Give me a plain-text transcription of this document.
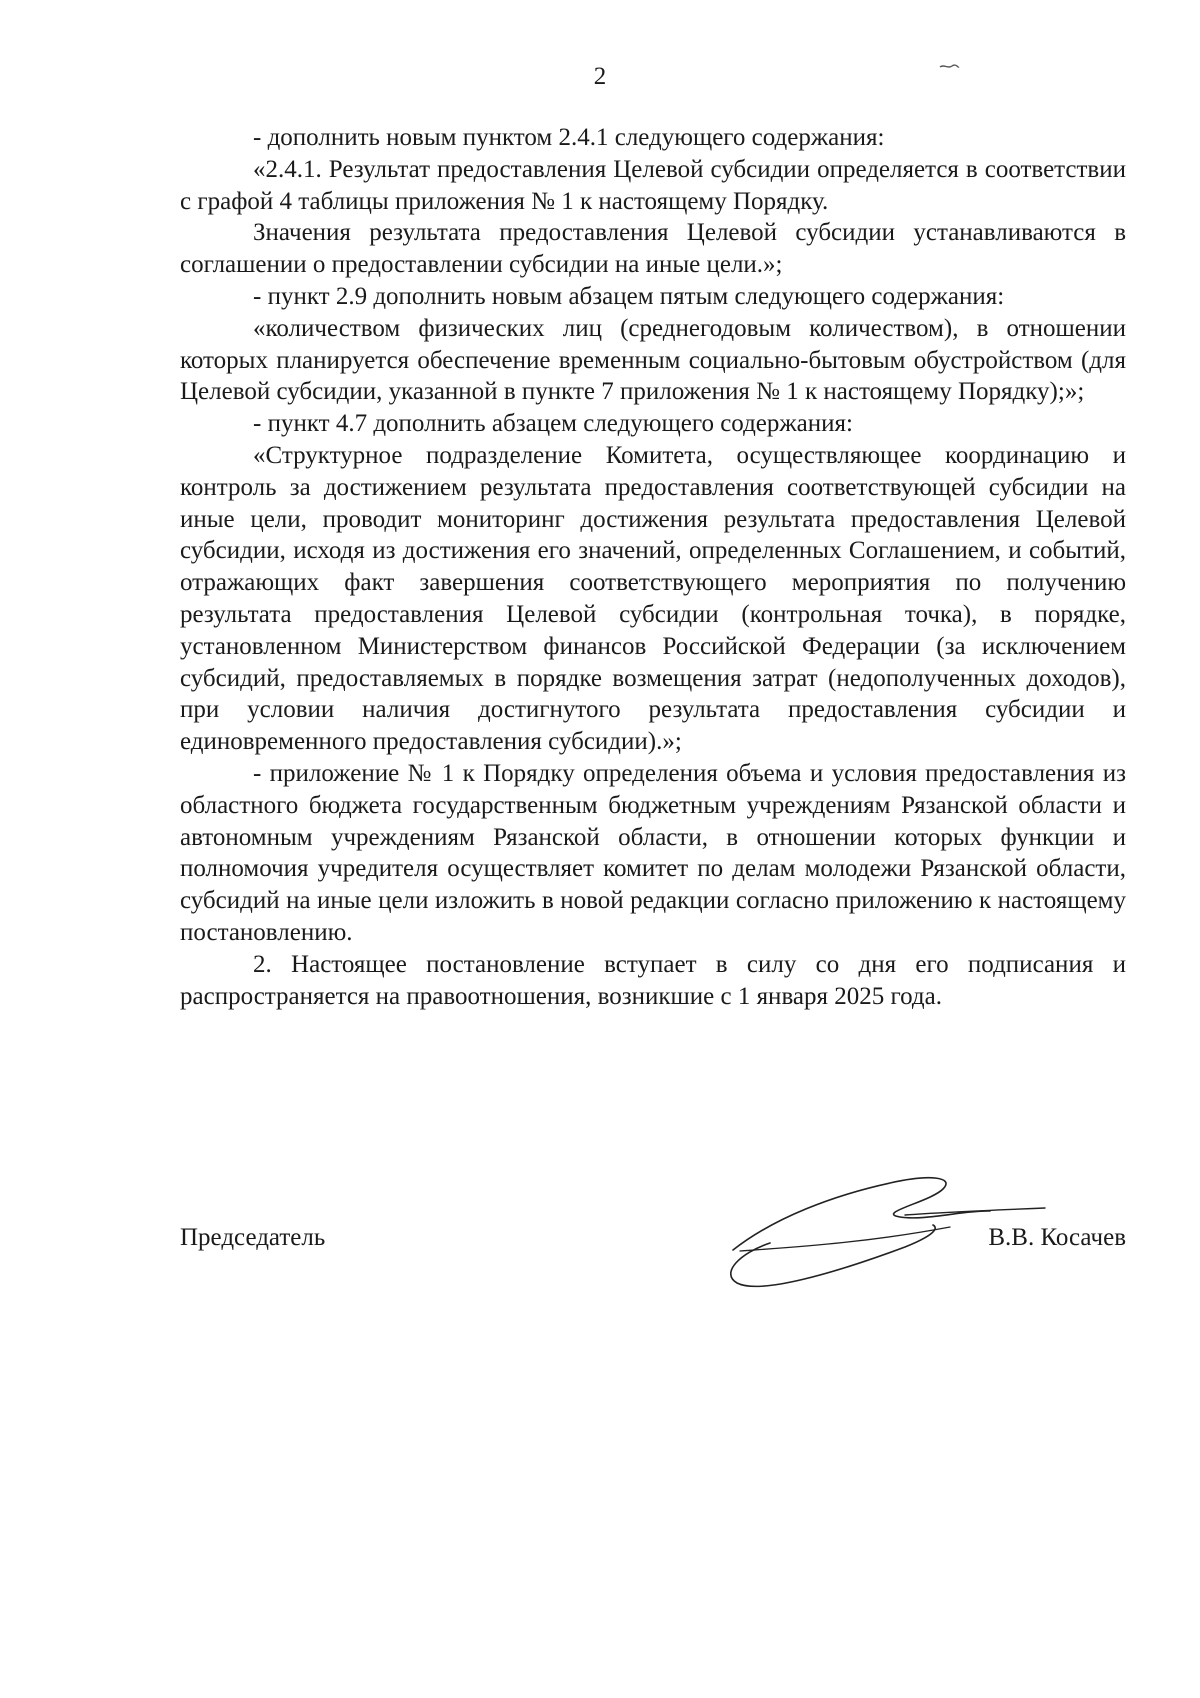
2

- дополнить новым пунктом 2.4.1 следующего содержания:

«2.4.1. Результат предоставления Целевой субсидии определяется в соответствии с графой 4 таблицы приложения № 1 к настоящему Порядку.

Значения результата предоставления Целевой субсидии устанавливаются в соглашении о предоставлении субсидии на иные цели.»;

- пункт 2.9 дополнить новым абзацем пятым следующего содержания:

«количеством физических лиц (среднегодовым количеством), в отношении которых планируется обеспечение временным социально-бытовым обустройством (для Целевой субсидии, указанной в пункте 7 приложения № 1 к настоящему Порядку);»;

- пункт 4.7 дополнить абзацем следующего содержания:

«Структурное подразделение Комитета, осуществляющее координацию и контроль за достижением результата предоставления соответствующей субсидии на иные цели, проводит мониторинг достижения результата предоставления Целевой субсидии, исходя из достижения его значений, определенных Соглашением, и событий, отражающих факт завершения соответствующего мероприятия по получению результата предоставления Целевой субсидии (контрольная точка), в порядке, установленном Министерством финансов Российской Федерации (за исключением субсидий, предоставляемых в порядке возмещения затрат (недополученных доходов), при условии наличия достигнутого результата предоставления субсидии и единовременного предоставления субсидии).»;

- приложение № 1 к Порядку определения объема и условия предоставления из областного бюджета государственным бюджетным учреждениям Рязанской области и автономным учреждениям Рязанской области, в отношении которых функции и полномочия учредителя осуществляет комитет по делам молодежи Рязанской области, субсидий на иные цели изложить в новой редакции согласно приложению к настоящему постановлению.

2. Настоящее постановление вступает в силу со дня его подписания и распространяется на правоотношения, возникшие с 1 января 2025 года.

Председатель	В.В. Косачев
